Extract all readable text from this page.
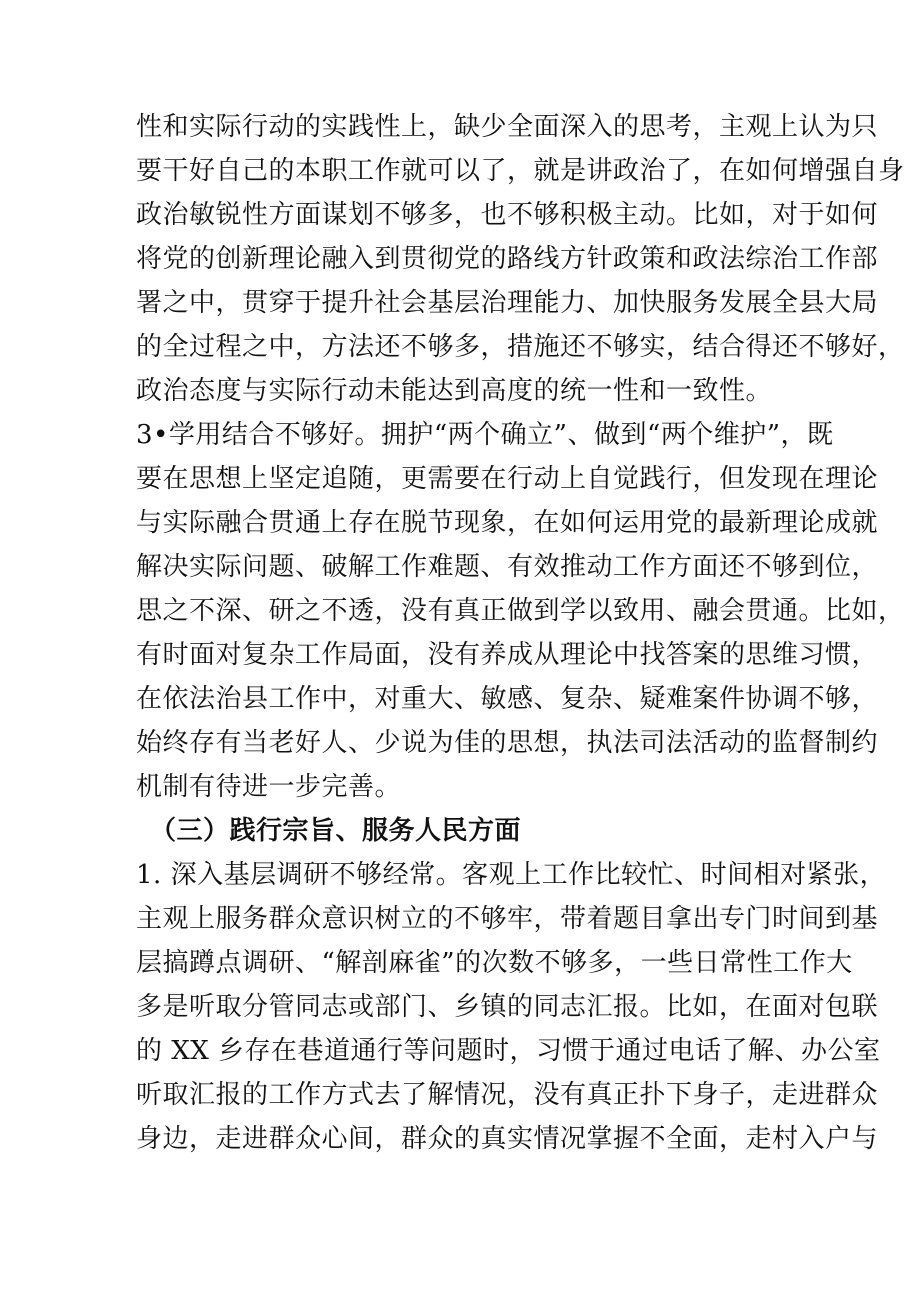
性和实际行动的实践性上，缺少全面深入的思考，主观上认为只
要干好自己的本职工作就可以了，就是讲政治了，在如何增强自身
政治敏锐性方面谋划不够多，也不够积极主动。比如，对于如何
将党的创新理论融入到贯彻党的路线方针政策和政法综治工作部
署之中，贯穿于提升社会基层治理能力、加快服务发展全县大局
的全过程之中，方法还不够多，措施还不够实，结合得还不够好，
政治态度与实际行动未能达到高度的统一性和一致性。
3•学用结合不够好。拥护“两个确立”、做到“两个维护”，既
要在思想上坚定追随，更需要在行动上自觉践行，但发现在理论
与实际融合贯通上存在脱节现象，在如何运用党的最新理论成就
解决实际问题、破解工作难题、有效推动工作方面还不够到位，
思之不深、研之不透，没有真正做到学以致用、融会贯通。比如，
有时面对复杂工作局面，没有养成从理论中找答案的思维习惯，
在依法治县工作中，对重大、敏感、复杂、疑难案件协调不够，
始终存有当老好人、少说为佳的思想，执法司法活动的监督制约
机制有待进一步完善。
（三）践行宗旨、服务人民方面
1. 深入基层调研不够经常。客观上工作比较忙、时间相对紧张，
主观上服务群众意识树立的不够牢，带着题目拿出专门时间到基
层搞蹲点调研、“解剖麻雀”的次数不够多，一些日常性工作大
多是听取分管同志或部门、乡镇的同志汇报。比如，在面对包联
的 XX 乡存在巷道通行等问题时，习惯于通过电话了解、办公室
听取汇报的工作方式去了解情况，没有真正扑下身子，走进群众
身边，走进群众心间，群众的真实情况掌握不全面，走村入户与
